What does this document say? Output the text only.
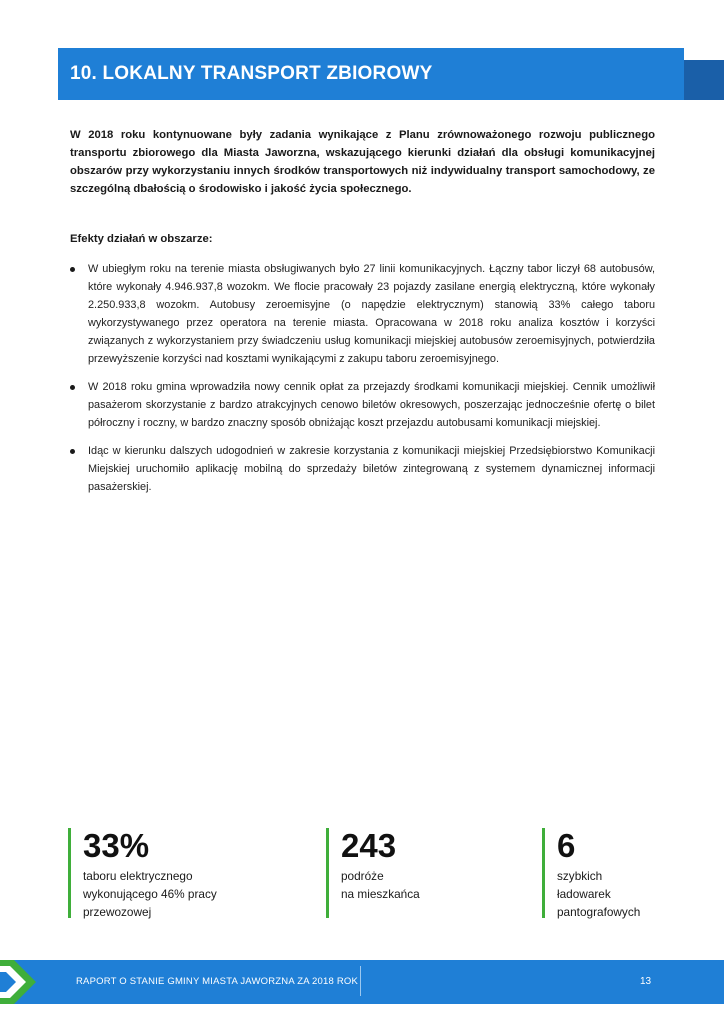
10. LOKALNY TRANSPORT ZBIOROWY

W 2018 roku kontynuowane były zadania wynikające z Planu zrównoważonego rozwoju publicznego transportu zbiorowego dla Miasta Jaworzna, wskazującego kierunki działań dla obsługi komunikacyjnej obszarów przy wykorzystaniu innych środków transportowych niż indywidualny transport samochodowy, ze szczególną dbałością o środowisko i jakość życia społecznego.

Efekty działań w obszarze:

W ubiegłym roku na terenie miasta obsługiwanych było 27 linii komunikacyjnych. Łączny tabor liczył 68 autobusów, które wykonały 4.946.937,8 wozokm. We flocie pracowały 23 pojazdy zasilane energią elektryczną, które wykonały 2.250.933,8 wozokm. Autobusy zeroemisyjne (o napędzie elektrycznym) stanowią 33% całego taboru wykorzystywanego przez operatora na terenie miasta. Opracowana w 2018 roku analiza kosztów i korzyści związanych z wykorzystaniem przy świadczeniu usług komunikacji miejskiej autobusów zeroemisyjnych, potwierdziła przewyższenie korzyści nad kosztami wynikającymi z zakupu taboru zeroemisyjnego.
W 2018 roku gmina wprowadziła nowy cennik opłat za przejazdy środkami komunikacji miejskiej. Cennik umożliwił pasażerom skorzystanie z bardzo atrakcyjnych cenowo biletów okresowych, poszerzając jednocześnie ofertę o bilet półroczny i roczny, w bardzo znaczny sposób obniżając koszt przejazdu autobusami komunikacji miejskiej.
Idąc w kierunku dalszych udogodnień w zakresie korzystania z komunikacji miejskiej Przedsiębiorstwo Komunikacji Miejskiej uruchomiło aplikację mobilną do sprzedaży biletów zintegrowaną z systemem dynamicznej informacji pasażerskiej.
33%
taboru elektrycznego
wykonującego 46% pracy
przewozowej
243
podróże
na mieszkańca
6
szybkich
ładowarek
pantografowych
RAPORT O STANIE GMINY MIASTA JAWORZNA ZA 2018 ROK	13
